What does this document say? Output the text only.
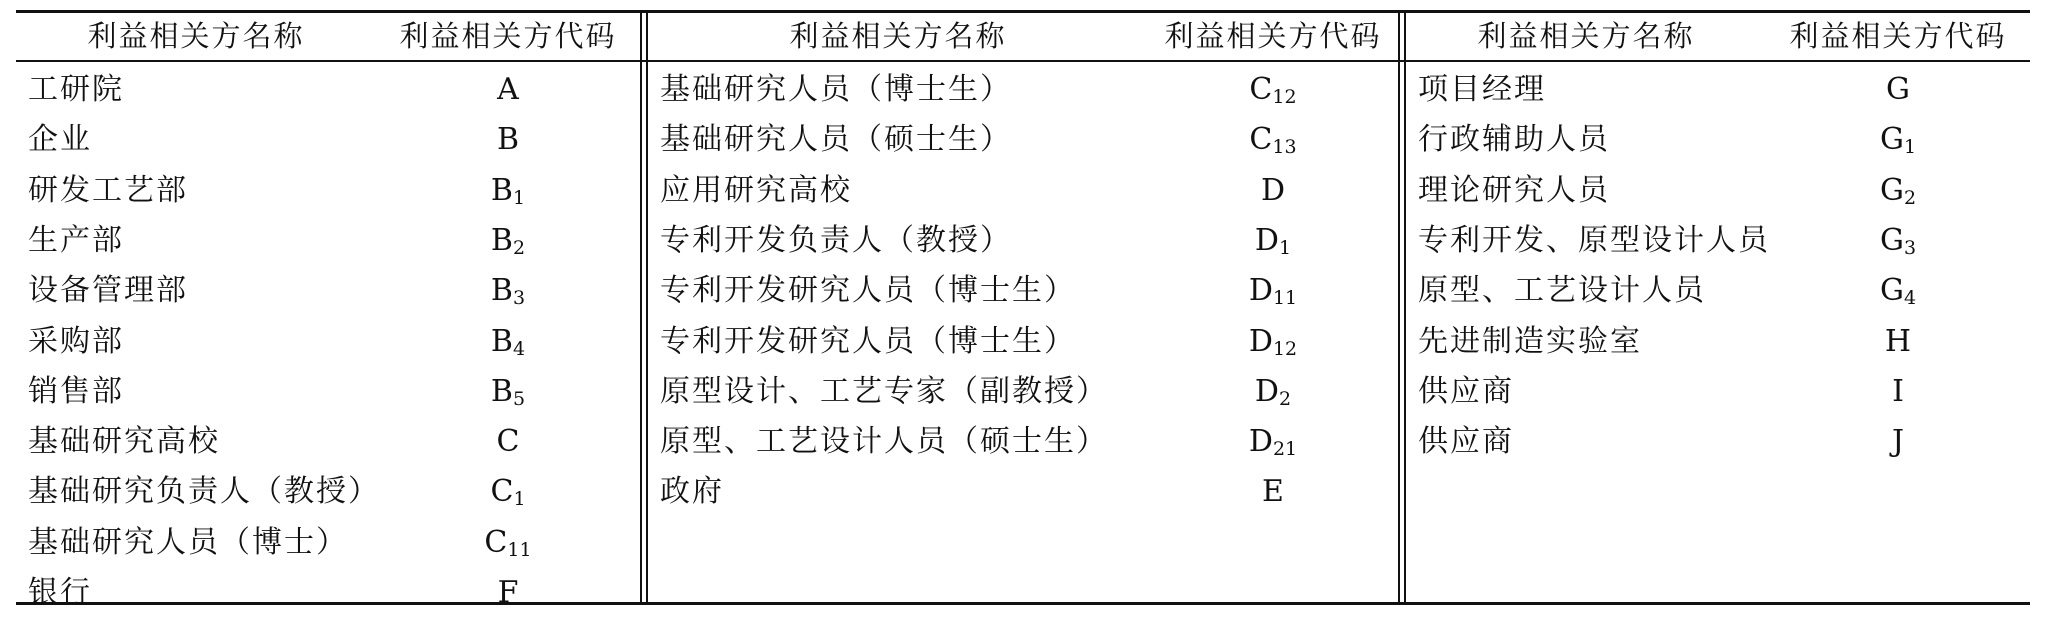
利益相关方名称	利益相关方代码
工研院	A
企业	B
研发工艺部	$B_1$
生产部	$B_2$
设备管理部	$B_3$
采购部	$B_4$
销售部	$B_5$
基础研究高校	C
基础研究负责人（教授）	$C_1$
基础研究人员（博士）	$C_{11}$
银行	F
利益相关方名称	利益相关方代码
基础研究人员（博士生）	$C_{12}$
基础研究人员（硕士生）	$C_{13}$
应用研究高校	D
专利开发负责人（教授）	$D_1$
专利开发研究人员（博士生）	$D_{11}$
专利开发研究人员（博士生）	$D_{12}$
原型设计、工艺专家（副教授）	$D_2$
原型、工艺设计人员（硕士生）	$D_{21}$
政府	E
利益相关方名称	利益相关方代码
项目经理	G
行政辅助人员	$G_1$
理论研究人员	$G_2$
专利开发、原型设计人员	$G_3$
原型、工艺设计人员	$G_4$
先进制造实验室	H
供应商	I
供应商	J
